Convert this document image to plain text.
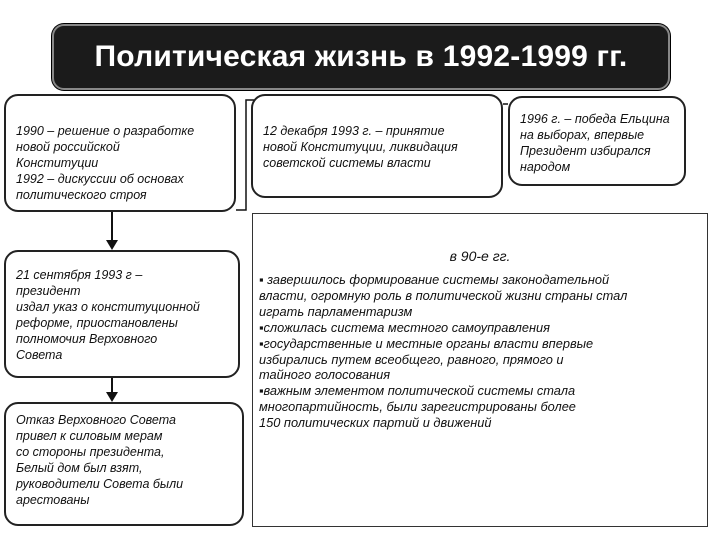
Политическая жизнь в 1992-1999 гг.

1990 – решение о разработке
новой российской
Конституции
1992 – дискуссии об основах
политического строя

12 декабря 1993 г. – принятие
новой Конституции, ликвидация
советской системы власти

1996 г. – победа Ельцина
на выборах, впервые
Президент избирался
народом

21 сентября 1993 г –
президент
издал указ о конституционной
реформе, приостановлены
полномочия Верховного
Совета

Отказ Верховного Совета
привел к силовым мерам
со стороны президента,
Белый дом был взят,
руководители Совета были
арестованы

в 90-е гг.
▪ завершилось формирование системы законодательной
власти, огромную роль в политической жизни страны стал
играть парламентаризм
▪сложилась система местного самоуправления
▪государственные и местные органы власти впервые
избирались путем всеобщего, равного, прямого и
тайного голосования
▪важным элементом политической системы стала
многопартийность, были зарегистрированы более
150 политических партий и движений
